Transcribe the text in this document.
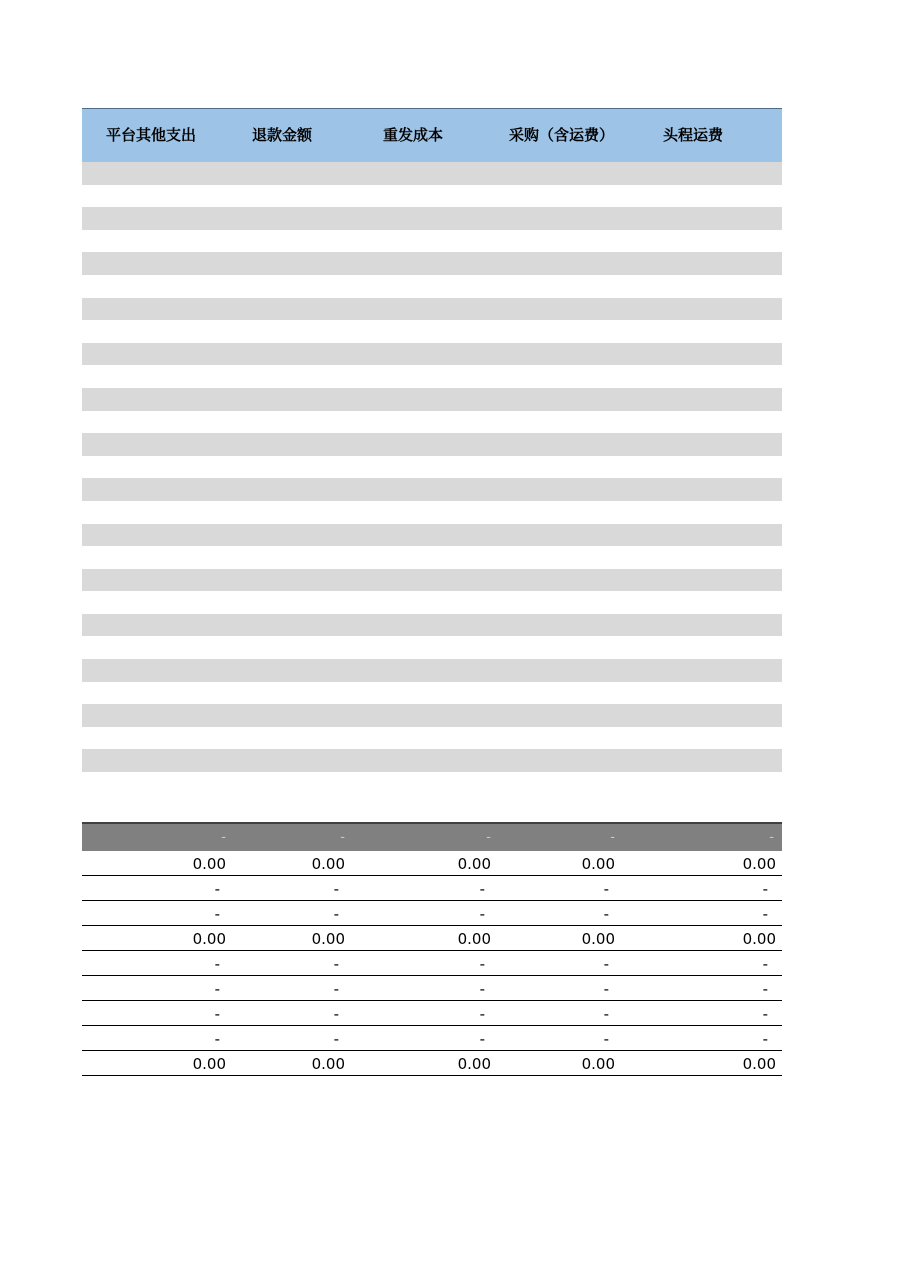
平台其他支出	退款金额	重发成本	采购（含运费）	头程运费
-	-	-	-	-
0.00	0.00	0.00	0.00	0.00
-	-	-	-	-
-	-	-	-	-
0.00	0.00	0.00	0.00	0.00
-	-	-	-	-
-	-	-	-	-
-	-	-	-	-
-	-	-	-	-
0.00	0.00	0.00	0.00	0.00
